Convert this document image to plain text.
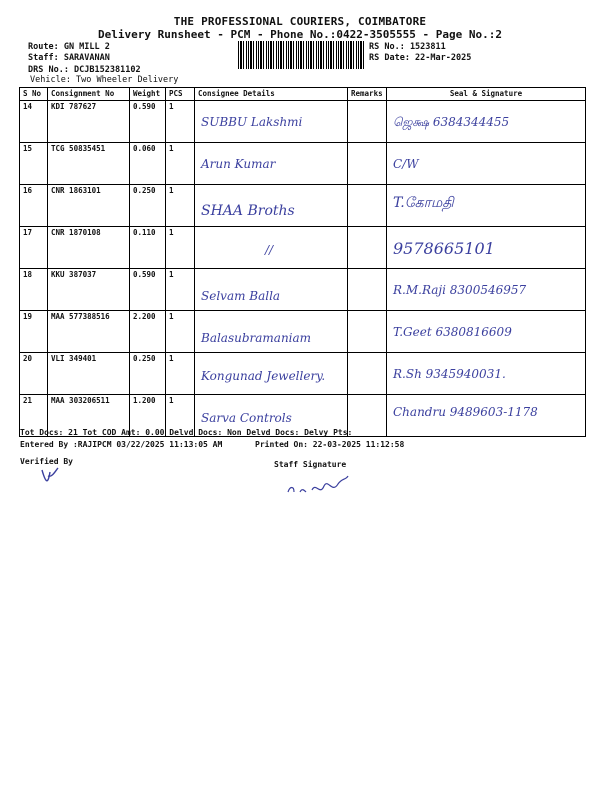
THE PROFESSIONAL COURIERS, COIMBATORE
Delivery Runsheet - PCM - Phone No.:0422-3505555 - Page No.:2
Route: GN MILL 2
Staff: SARAVANAN
DRS No.: DCJB152381102
Vehicle: Two Wheeler Delivery
RS No.: 1523811
RS Date: 22-Mar-2025
S No	Consignment No	Weight	PCS	Consignee Details	Remarks	Seal & Signature
14	KDI 787627	0.590	1	SUBBU Lakshmi		ஜெக்ஷ 6384344455

15	TCG 50835451	0.060	1	Arun Kumar		C/W

16	CNR 1863101	0.250	1	SHAA Broths		T.கோமதி

17	CNR 1870108	0.110	1	//		9578665101

18	KKU 387037	0.590	1	Selvam Balla		R.M.Raji 8300546957

19	MAA 577388516	2.200	1	Balasubramaniam		T.Geet 6380816609

20	VLI 349401	0.250	1	Kongunad Jewellery.		R.Sh 9345940031.

21	MAA 303206511	1.200	1	Sarva Controls		Chandru 9489603-1178
Tot Docs: 21 Tot COD Amt: 0.00 Delvd Docs: Non Delvd Docs: Delvy Pts:
Entered By :RAJIPCM 03/22/2025 11:13:05 AM	Printed On: 22-03-2025 11:12:58
Verified By	Staff Signature
